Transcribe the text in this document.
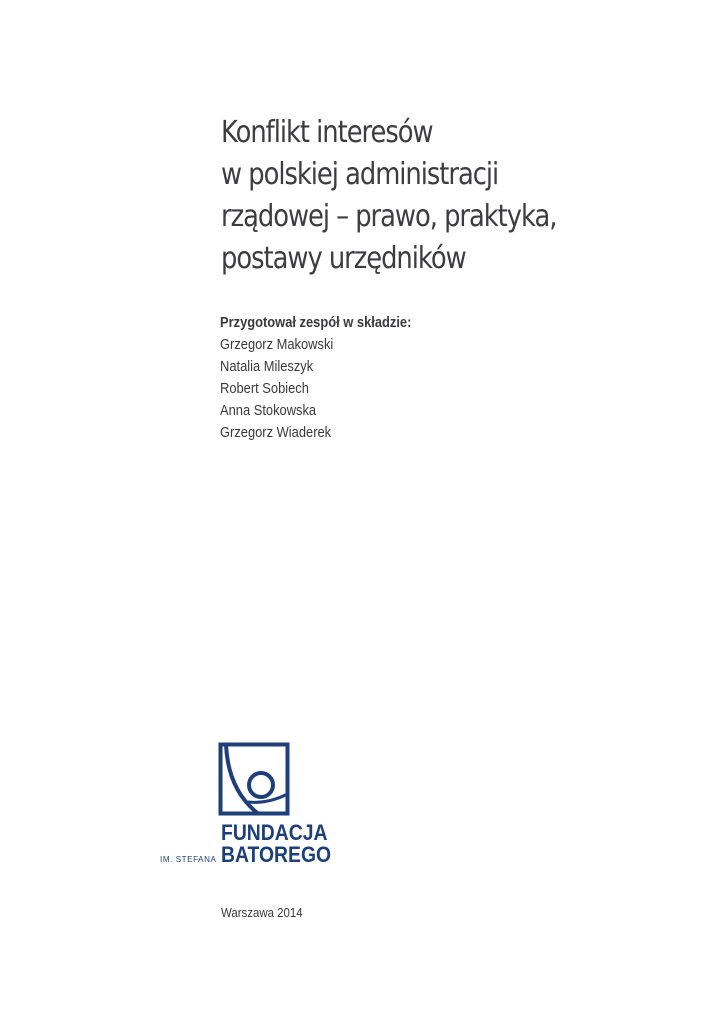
Konflikt interesów
w polskiej administracji
rządowej – prawo, praktyka,
postawy urzędników
Przygotował zespół w składzie:
Grzegorz Makowski
Natalia Mileszyk
Robert Sobiech
Anna Stokowska
Grzegorz Wiaderek
IM. STEFANA
FUNDACJA
BATOREGO
Warszawa 2014
